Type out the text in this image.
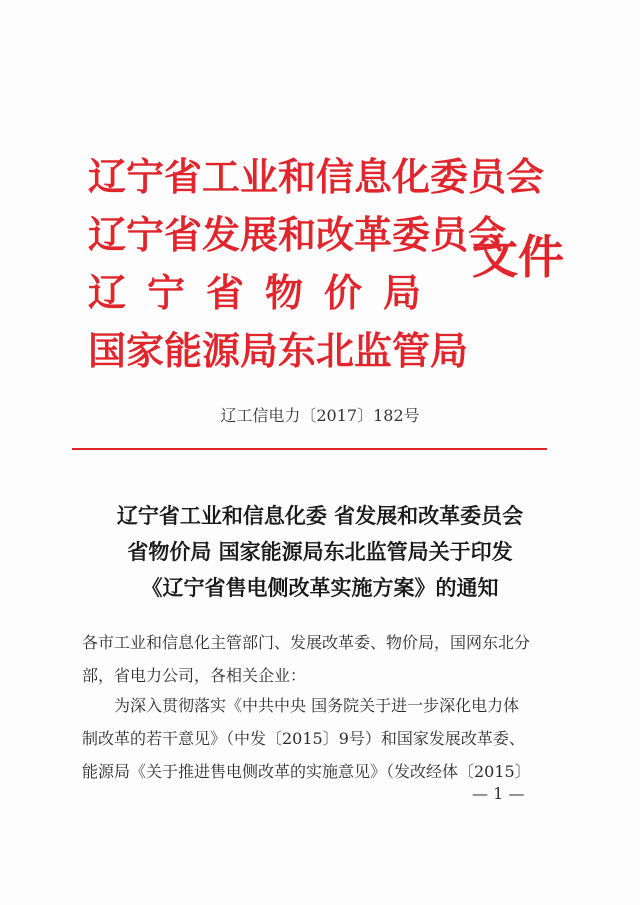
辽宁省工业和信息化委员会
辽宁省发展和改革委员会
辽宁省物价局
国家能源局东北监管局
文件
辽工信电力〔2017〕182号
辽宁省工业和信息化委 省发展和改革委员会
省物价局 国家能源局东北监管局关于印发
《辽宁省售电侧改革实施方案》的通知
各市工业和信息化主管部门、发展改革委、物价局，国网东北分
部，省电力公司，各相关企业：
为深入贯彻落实《中共中央 国务院关于进一步深化电力体
制改革的若干意见》（中发〔2015〕9号）和国家发展改革委、
能源局《关于推进售电侧改革的实施意见》（发改经体〔2015〕
— 1 —
